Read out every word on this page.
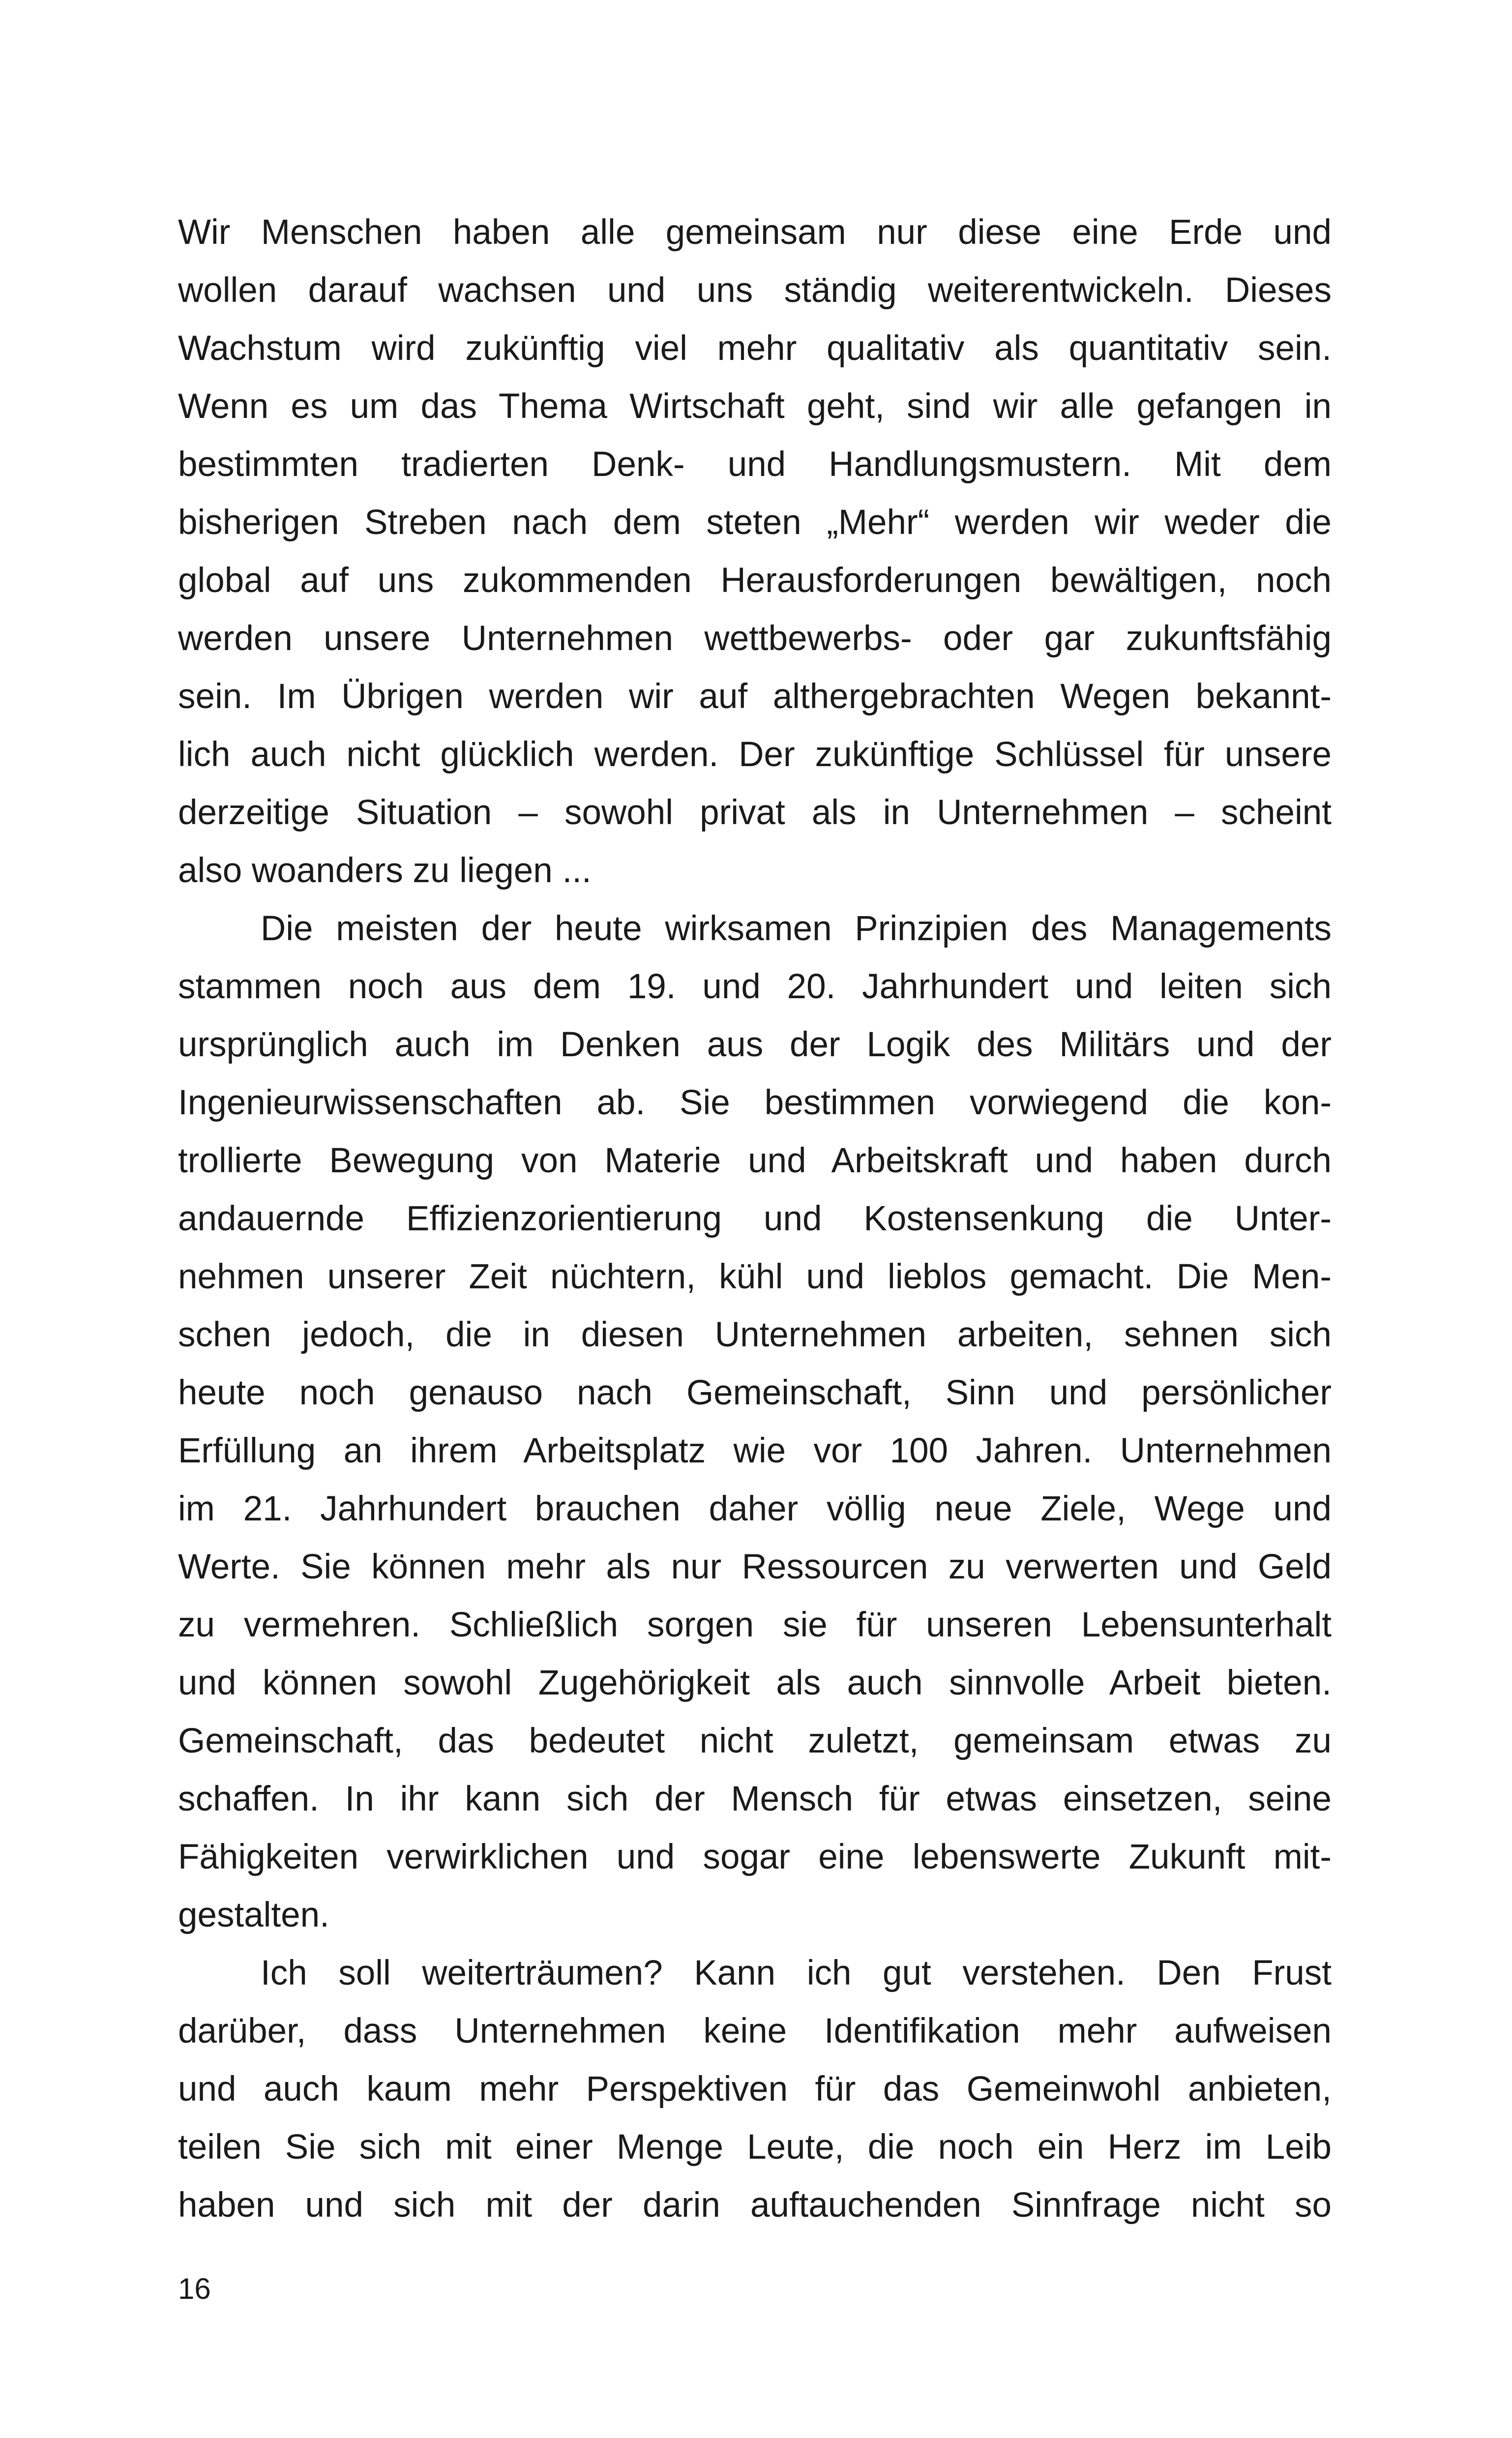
Wir Menschen haben alle gemeinsam nur diese eine Erde und
wollen darauf wachsen und uns ständig weiterentwickeln. Dieses
Wachstum wird zukünftig viel mehr qualitativ als quantitativ sein.
Wenn es um das Thema Wirtschaft geht, sind wir alle gefangen in
bestimmten tradierten Denk- und Handlungsmustern. Mit dem
bisherigen Streben nach dem steten „Mehr“ werden wir weder die
global auf uns zukommenden Herausforderungen bewältigen, noch
werden unsere Unternehmen wettbewerbs- oder gar zukunftsfähig
sein. Im Übrigen werden wir auf althergebrachten Wegen bekannt-
lich auch nicht glücklich werden. Der zukünftige Schlüssel für unsere
derzeitige Situation – sowohl privat als in Unternehmen – scheint
also woanders zu liegen ...
Die meisten der heute wirksamen Prinzipien des Managements
stammen noch aus dem 19. und 20. Jahrhundert und leiten sich
ursprünglich auch im Denken aus der Logik des Militärs und der
Ingenieurwissenschaften ab. Sie bestimmen vorwiegend die kon-
trollierte Bewegung von Materie und Arbeitskraft und haben durch
andauernde Effizienzorientierung und Kostensenkung die Unter-
nehmen unserer Zeit nüchtern, kühl und lieblos gemacht. Die Men-
schen jedoch, die in diesen Unternehmen arbeiten, sehnen sich
heute noch genauso nach Gemeinschaft, Sinn und persönlicher
Erfüllung an ihrem Arbeitsplatz wie vor 100 Jahren. Unternehmen
im 21. Jahrhundert brauchen daher völlig neue Ziele, Wege und
Werte. Sie können mehr als nur Ressourcen zu verwerten und Geld
zu vermehren. Schließlich sorgen sie für unseren Lebensunterhalt
und können sowohl Zugehörigkeit als auch sinnvolle Arbeit bieten.
Gemeinschaft, das bedeutet nicht zuletzt, gemeinsam etwas zu
schaffen. In ihr kann sich der Mensch für etwas einsetzen, seine
Fähigkeiten verwirklichen und sogar eine lebenswerte Zukunft mit-
gestalten.
Ich soll weiterträumen? Kann ich gut verstehen. Den Frust
darüber, dass Unternehmen keine Identifikation mehr aufweisen
und auch kaum mehr Perspektiven für das Gemeinwohl anbieten,
teilen Sie sich mit einer Menge Leute, die noch ein Herz im Leib
haben und sich mit der darin auftauchenden Sinnfrage nicht so
16
